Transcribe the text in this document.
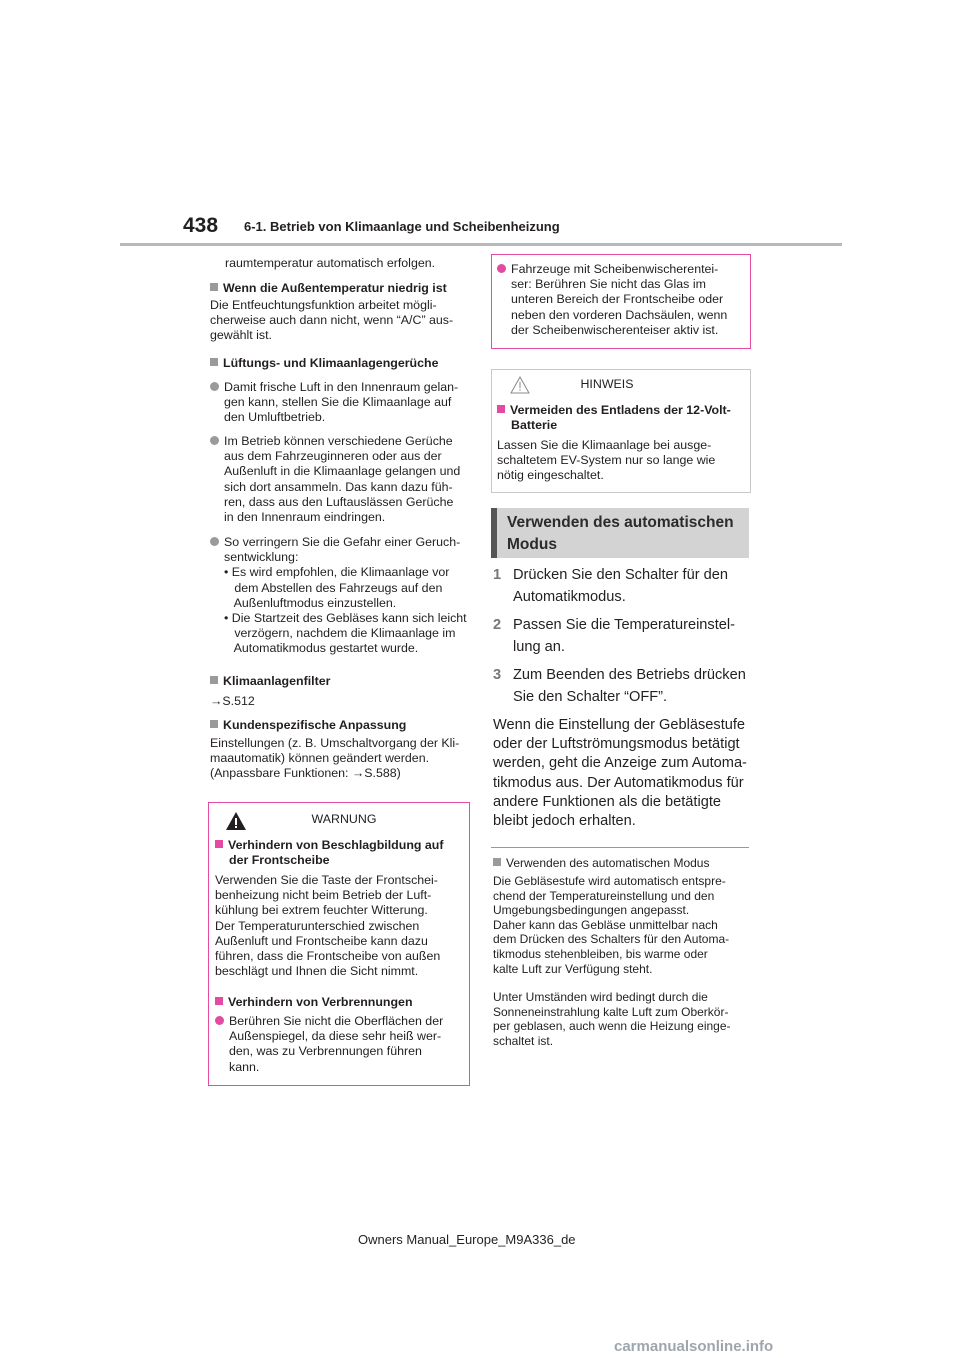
438 6-1. Betrieb von Klimaanlage und Scheibenheizung
raumtemperatur automatisch erfolgen.
Wenn die Außentemperatur niedrig ist

Die Entfeuchtungsfunktion arbeitet mögli-

cherweise auch dann nicht, wenn “A/C” aus-

gewählt ist.

Lüftungs- und Klimaanlagengerüche

Damit frische Luft in den Innenraum gelan-

gen kann, stellen Sie die Klimaanlage auf

den Umluftbetrieb.

Im Betrieb können verschiedene Gerüche

aus dem Fahrzeuginneren oder aus der

Außenluft in die Klimaanlage gelangen und

sich dort ansammeln. Das kann dazu füh-

ren, dass aus den Luftauslässen Gerüche

in den Innenraum eindringen.

So verringern Sie die Gefahr einer Geruch-

sentwicklung:

• Es wird empfohlen, die Klimaanlage vor

dem Abstellen des Fahrzeugs auf den

Außenluftmodus einzustellen.

• Die Startzeit des Gebläses kann sich leicht

verzögern, nachdem die Klimaanlage im

Automatikmodus gestartet wurde.

Klimaanlagenfilter
→S.512
Kundenspezifische Anpassung

Einstellungen (z. B. Umschaltvorgang der Kli-

maautomatik) können geändert werden.

(Anpassbare Funktionen: →S.588)

WARNUNG

Verhindern von Beschlagbildung auf

der Frontscheibe

Verwenden Sie die Taste der Frontschei-

benheizung nicht beim Betrieb der Luft-

kühlung bei extrem feuchter Witterung.

Der Temperaturunterschied zwischen

Außenluft und Frontscheibe kann dazu

führen, dass die Frontscheibe von außen

beschlägt und Ihnen die Sicht nimmt.

Verhindern von Verbrennungen

Berühren Sie nicht die Oberflächen der

Außenspiegel, da diese sehr heiß wer-

den, was zu Verbrennungen führen

kann.

Fahrzeuge mit Scheibenwischerentei-

ser: Berühren Sie nicht das Glas im

unteren Bereich der Frontscheibe oder

neben den vorderen Dachsäulen, wenn

der Scheibenwischerenteiser aktiv ist.

HINWEIS

Vermeiden des Entladens der 12-Volt-

Batterie

Lassen Sie die Klimaanlage bei ausge-

schaltetem EV-System nur so lange wie

nötig eingeschaltet.

Verwenden des automatischen
Modus
1 Drücken Sie den Schalter für den
Automatikmodus.
2 Passen Sie die Temperatureinstel-
lung an.
3 Zum Beenden des Betriebs drücken
Sie den Schalter “OFF”.
Wenn die Einstellung der Gebläsestufe
oder der Luftströmungsmodus betätigt
werden, geht die Anzeige zum Automa-
tikmodus aus. Der Automatikmodus für
andere Funktionen als die betätigte
bleibt jedoch erhalten.
Verwenden des automatischen Modus

Die Gebläsestufe wird automatisch entspre-

chend der Temperatureinstellung und den

Umgebungsbedingungen angepasst.

Daher kann das Gebläse unmittelbar nach

dem Drücken des Schalters für den Automa-

tikmodus stehenbleiben, bis warme oder

kalte Luft zur Verfügung steht.

Unter Umständen wird bedingt durch die

Sonneneinstrahlung kalte Luft zum Oberkör-

per geblasen, auch wenn die Heizung einge-

schaltet ist.

Owners Manual_Europe_M9A336_de
carmanualsonline.info
